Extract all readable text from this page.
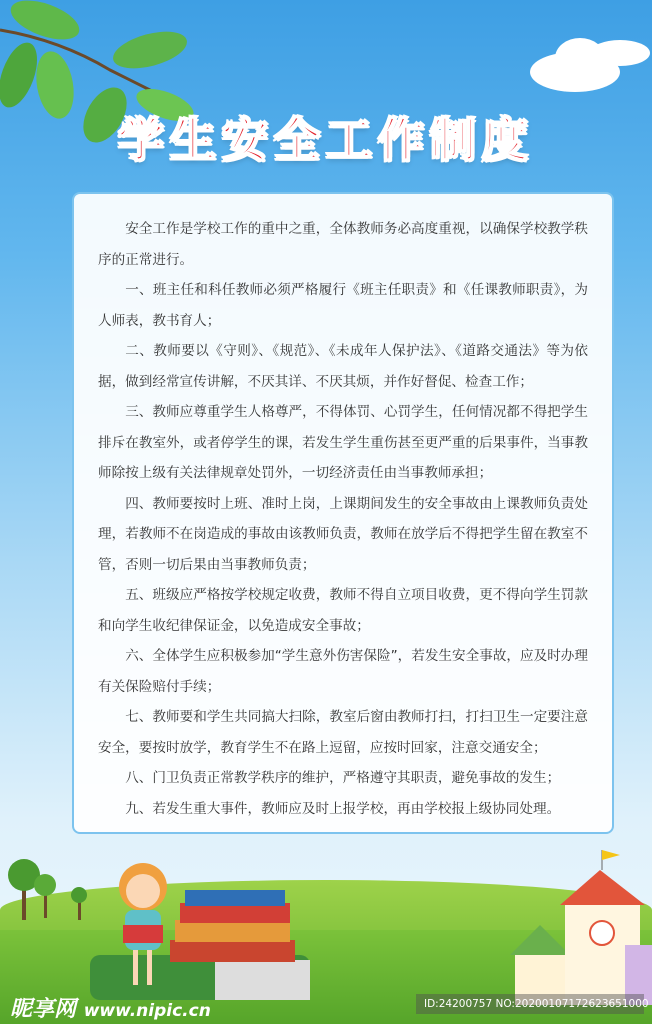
学生安全工作制度

安全工作是学校工作的重中之重，全体教师务必高度重视，以确保学校教学秩序的正常进行。

一、班主任和科任教师必须严格履行《班主任职责》和《任课教师职责》，为人师表，教书育人；

二、教师要以《守则》、《规范》、《未成年人保护法》、《道路交通法》等为依据，做到经常宣传讲解，不厌其详、不厌其烦，并作好督促、检查工作；

三、教师应尊重学生人格尊严，不得体罚、心罚学生，任何情况都不得把学生排斥在教室外，或者停学生的课，若发生学生重伤甚至更严重的后果事件，当事教师除按上级有关法律规章处罚外，一切经济责任由当事教师承担；

四、教师要按时上班、准时上岗，上课期间发生的安全事故由上课教师负责处理，若教师不在岗造成的事故由该教师负责，教师在放学后不得把学生留在教室不管，否则一切后果由当事教师负责；

五、班级应严格按学校规定收费，教师不得自立项目收费，更不得向学生罚款和向学生收纪律保证金，以免造成安全事故；

六、全体学生应积极参加“学生意外伤害保险”，若发生安全事故，应及时办理有关保险赔付手续；

七、教师要和学生共同搞大扫除，教室后窗由教师打扫，打扫卫生一定要注意安全，要按时放学，教育学生不在路上逗留，应按时回家，注意交通安全；

八、门卫负责正常教学秩序的维护，严格遵守其职责，避免事故的发生；

九、若发生重大事件，教师应及时上报学校，再由学校报上级协同处理。

昵享网 www.nipic.cn	ID:24200757 NO:20200107172623651000
